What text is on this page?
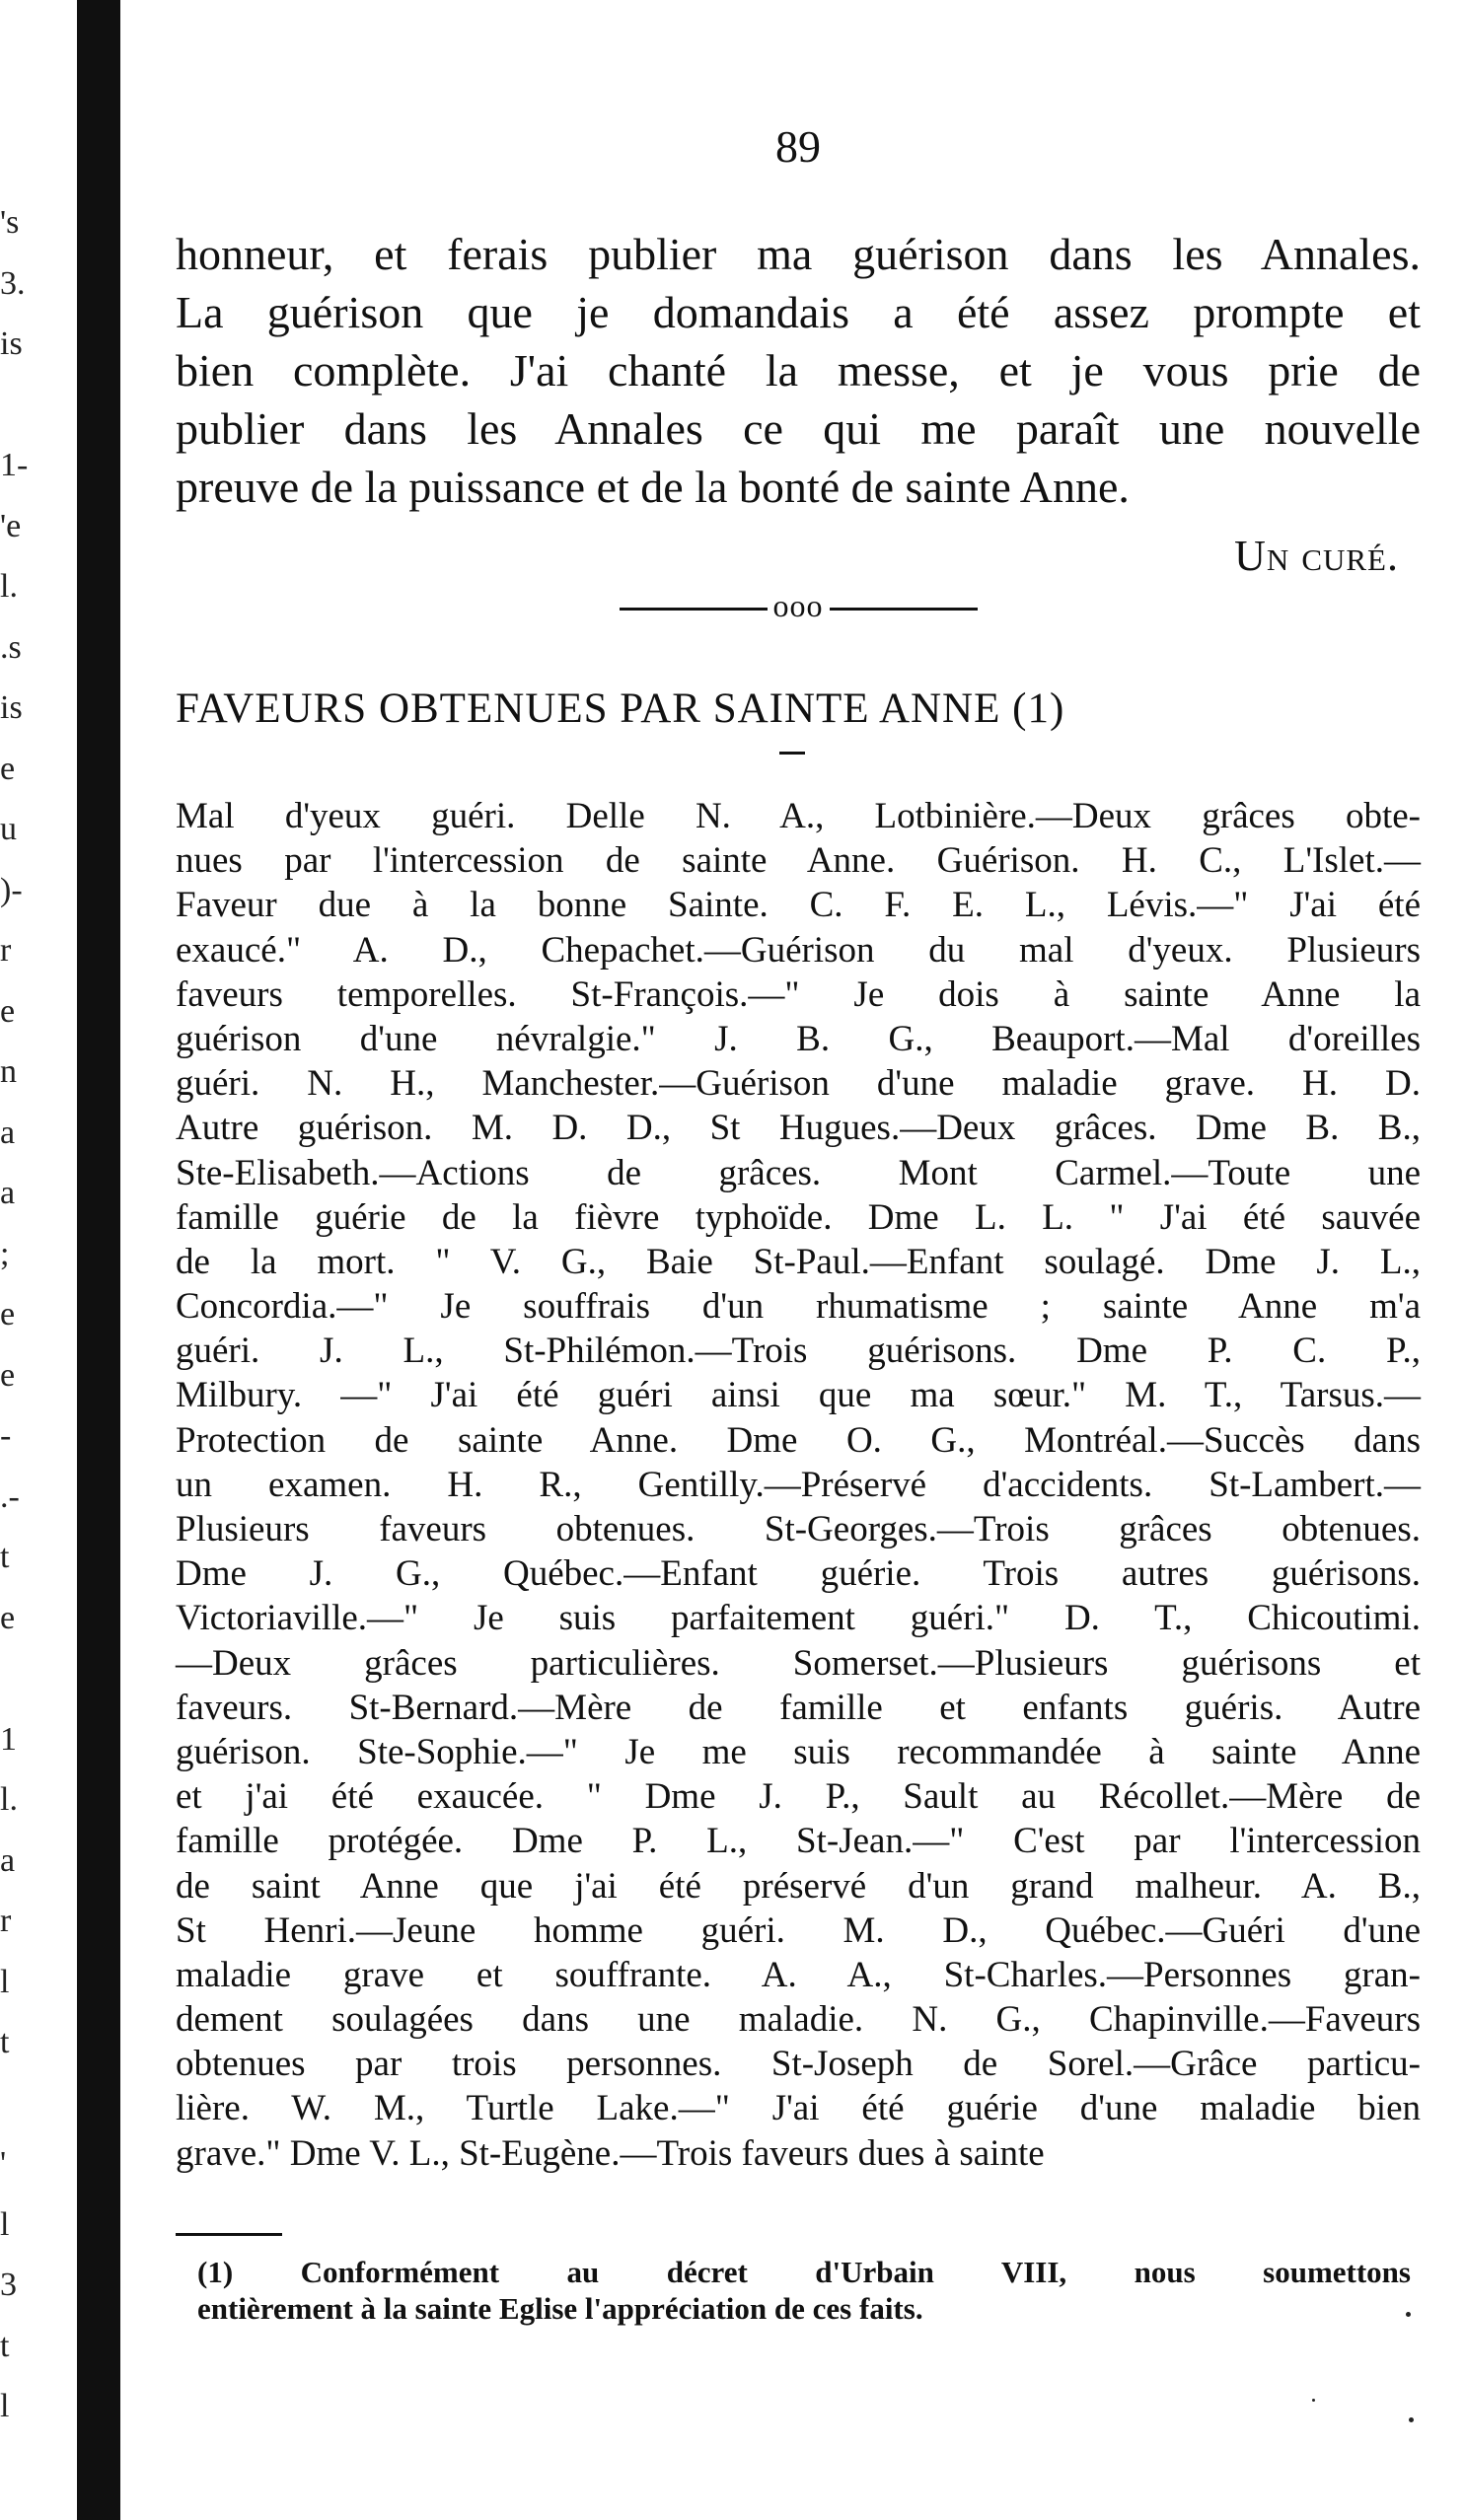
's
3.
is
1-
'e
l.
.s
is
e
u
)-
r
e
n
a
a
;
e
e
-
.-
t
e
1
l.
a
r
l
t
'
l
3
t
l
89
honneur, et ferais publier ma guérison dans les Annales.
La guérison que je domandais a été assez prompte et
bien complète. J'ai chanté la messe, et je vous prie de
publier dans les Annales ce qui me paraît une nouvelle
preuve de la puissance et de la bonté de sainte Anne.
Un curé.
ooo
FAVEURS OBTENUES PAR SAINTE ANNE (1)
Mal d'yeux guéri. Delle N. A., Lotbinière.—Deux grâces obte-
nues par l'intercession de sainte Anne. Guérison. H. C., L'Islet.—
Faveur due à la bonne Sainte. C. F. E. L., Lévis.—" J'ai été
exaucé." A. D., Chepachet.—Guérison du mal d'yeux. Plusieurs
faveurs temporelles. St-François.—" Je dois à sainte Anne la
guérison d'une névralgie." J. B. G., Beauport.—Mal d'oreilles
guéri. N. H., Manchester.—Guérison d'une maladie grave. H. D.
Autre guérison. M. D. D., St Hugues.—Deux grâces. Dme B. B.,
Ste-Elisabeth.—Actions de grâces. Mont Carmel.—Toute une
famille guérie de la fièvre typhoïde. Dme L. L. " J'ai été sauvée
de la mort. " V. G., Baie St-Paul.—Enfant soulagé. Dme J. L.,
Concordia.—" Je souffrais d'un rhumatisme ; sainte Anne m'a
guéri. J. L., St-Philémon.—Trois guérisons. Dme P. C. P.,
Milbury. —" J'ai été guéri ainsi que ma sœur." M. T., Tarsus.—
Protection de sainte Anne. Dme O. G., Montréal.—Succès dans
un examen. H. R., Gentilly.—Préservé d'accidents. St-Lambert.—
Plusieurs faveurs obtenues. St-Georges.—Trois grâces obtenues.
Dme J. G., Québec.—Enfant guérie. Trois autres guérisons.
Victoriaville.—" Je suis parfaitement guéri." D. T., Chicoutimi.
—Deux grâces particulières. Somerset.—Plusieurs guérisons et
faveurs. St-Bernard.—Mère de famille et enfants guéris. Autre
guérison. Ste-Sophie.—" Je me suis recommandée à sainte Anne
et j'ai été exaucée. " Dme J. P., Sault au Récollet.—Mère de
famille protégée. Dme P. L., St-Jean.—" C'est par l'intercession
de saint Anne que j'ai été préservé d'un grand malheur. A. B.,
St Henri.—Jeune homme guéri. M. D., Québec.—Guéri d'une
maladie grave et souffrante. A. A., St-Charles.—Personnes gran-
dement soulagées dans une maladie. N. G., Chapinville.—Faveurs
obtenues par trois personnes. St-Joseph de Sorel.—Grâce particu-
lière. W. M., Turtle Lake.—" J'ai été guérie d'une maladie bien
grave." Dme V. L., St-Eugène.—Trois faveurs dues à sainte
(1) Conformément au décret d'Urbain VIII, nous soumettons
entièrement à la sainte Eglise l'appréciation de ces faits.
